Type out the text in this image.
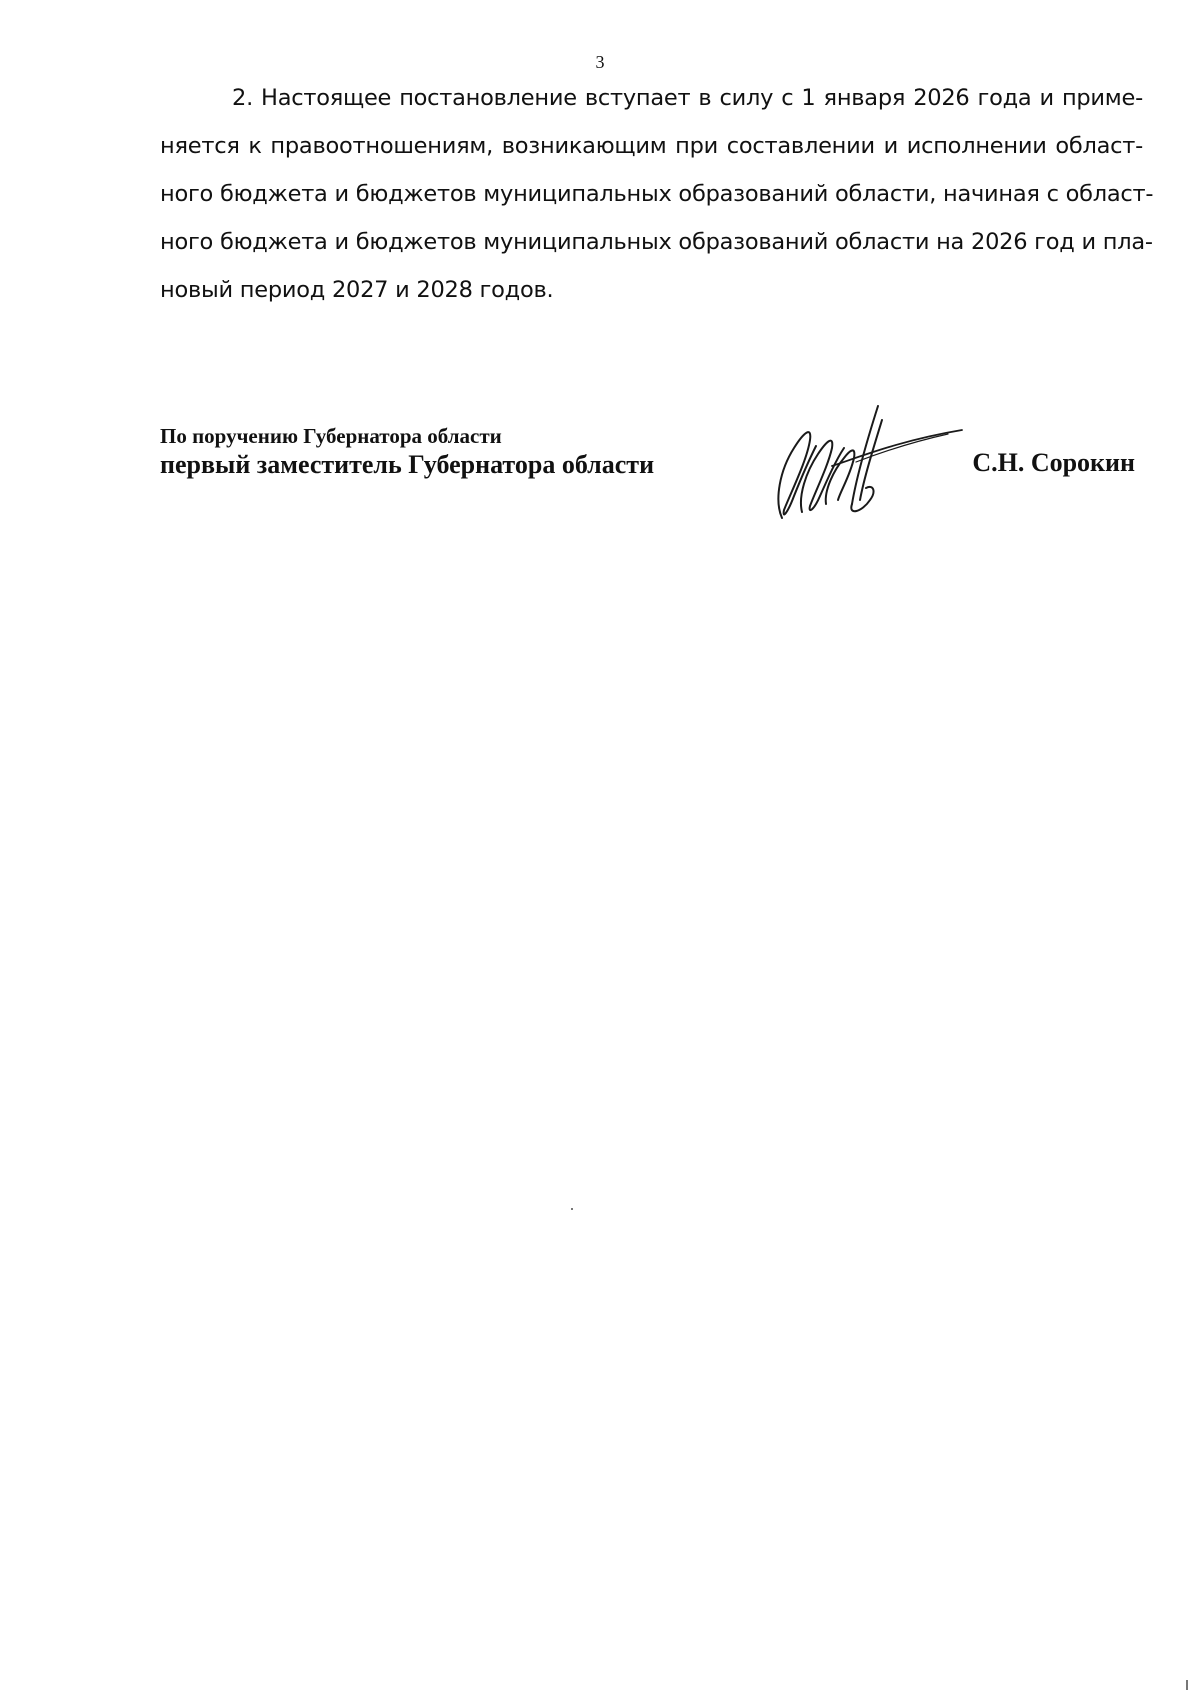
3
2. Настоящее постановление вступает в силу с 1 января 2026 года и приме-
няется к правоотношениям, возникающим при составлении и исполнении област-
ного бюджета и бюджетов муниципальных образований области, начиная с област-
ного бюджета и бюджетов муниципальных образований области на 2026 год и пла-
новый период 2027 и 2028 годов.
По поручению Губернатора области
первый заместитель Губернатора области	С.Н. Сорокин
